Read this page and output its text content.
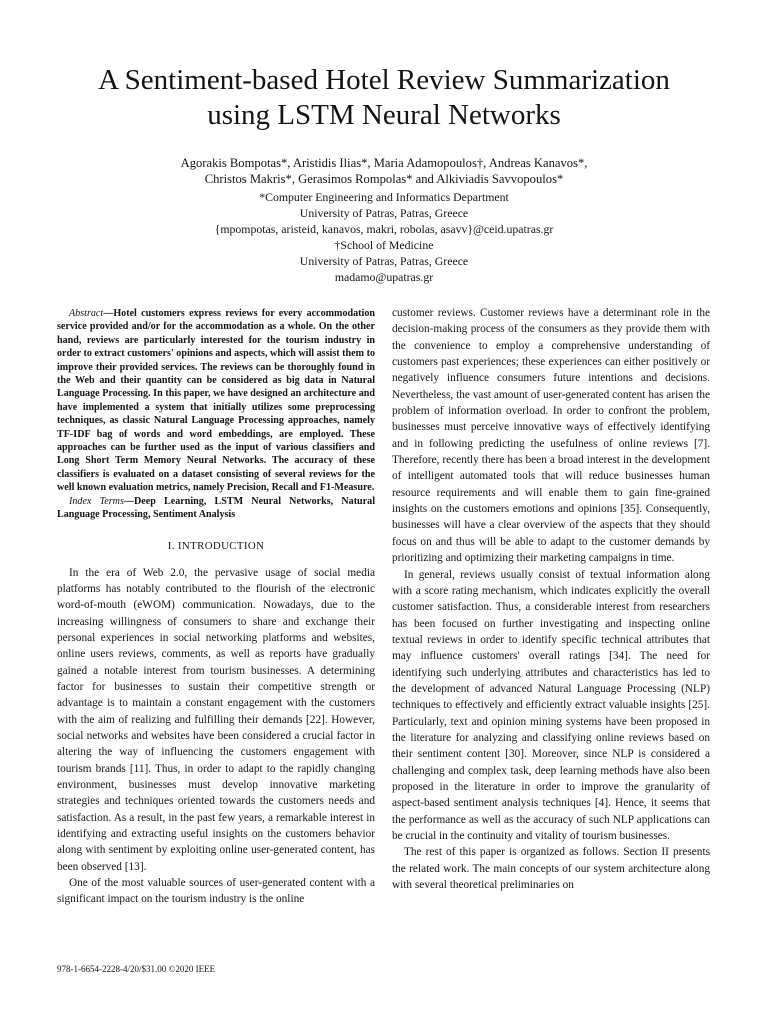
A Sentiment-based Hotel Review Summarization
using LSTM Neural Networks
Agorakis Bompotas*, Aristidis Ilias*, Maria Adamopoulos†, Andreas Kanavos*,
Christos Makris*, Gerasimos Rompolas* and Alkiviadis Savvopoulos*
*Computer Engineering and Informatics Department
University of Patras, Patras, Greece
{mpompotas, aristeid, kanavos, makri, robolas, asavv}@ceid.upatras.gr
†School of Medicine
University of Patras, Patras, Greece
madamo@upatras.gr

Abstract—Hotel customers express reviews for every accommodation service provided and/or for the accommodation as a whole. On the other hand, reviews are particularly interested for the tourism industry in order to extract customers' opinions and aspects, which will assist them to improve their provided services. The reviews can be thoroughly found in the Web and their quantity can be considered as big data in Natural Language Processing. In this paper, we have designed an architecture and have implemented a system that initially utilizes some preprocessing techniques, as classic Natural Language Processing approaches, namely TF-IDF bag of words and word embeddings, are employed. These approaches can be further used as the input of various classifiers and Long Short Term Memory Neural Networks. The accuracy of these classifiers is evaluated on a dataset consisting of several reviews for the well known evaluation metrics, namely Precision, Recall and F1-Measure.

Index Terms—Deep Learning, LSTM Neural Networks, Natural Language Processing, Sentiment Analysis

I. INTRODUCTION

In the era of Web 2.0, the pervasive usage of social media platforms has notably contributed to the flourish of the electronic word-of-mouth (eWOM) communication. Nowadays, due to the increasing willingness of consumers to share and exchange their personal experiences in social networking platforms and websites, online users reviews, comments, as well as reports have gradually gained a notable interest from tourism businesses. A determining factor for businesses to sustain their competitive strength or advantage is to maintain a constant engagement with the customers with the aim of realizing and fulfilling their demands [22]. However, social networks and websites have been considered a crucial factor in altering the way of influencing the customers engagement with tourism brands [11]. Thus, in order to adapt to the rapidly changing environment, businesses must develop innovative marketing strategies and techniques oriented towards the customers needs and satisfaction. As a result, in the past few years, a remarkable interest in identifying and extracting useful insights on the customers behavior along with sentiment by exploiting online user-generated content, has been observed [13].

One of the most valuable sources of user-generated content with a significant impact on the tourism industry is the online

customer reviews. Customer reviews have a determinant role in the decision-making process of the consumers as they provide them with the convenience to employ a comprehensive understanding of customers past experiences; these experiences can either positively or negatively influence consumers future intentions and decisions. Nevertheless, the vast amount of user-generated content has arisen the problem of information overload. In order to confront the problem, businesses must perceive innovative ways of effectively identifying and in following predicting the usefulness of online reviews [7]. Therefore, recently there has been a broad interest in the development of intelligent automated tools that will reduce businesses human resource requirements and will enable them to gain fine-grained insights on the customers emotions and opinions [35]. Consequently, businesses will have a clear overview of the aspects that they should focus on and thus will be able to adapt to the customer demands by prioritizing and optimizing their marketing campaigns in time.

In general, reviews usually consist of textual information along with a score rating mechanism, which indicates explicitly the overall customer satisfaction. Thus, a considerable interest from researchers has been focused on further investigating and inspecting online textual reviews in order to identify specific technical attributes that may influence customers' overall ratings [34]. The need for identifying such underlying attributes and characteristics has led to the development of advanced Natural Language Processing (NLP) techniques to effectively and efficiently extract valuable insights [25]. Particularly, text and opinion mining systems have been proposed in the literature for analyzing and classifying online reviews based on their sentiment content [30]. Moreover, since NLP is considered a challenging and complex task, deep learning methods have also been proposed in the literature in order to improve the granularity of aspect-based sentiment analysis techniques [4]. Hence, it seems that the performance as well as the accuracy of such NLP applications can be crucial in the continuity and vitality of tourism businesses.

The rest of this paper is organized as follows. Section II presents the related work. The main concepts of our system architecture along with several theoretical preliminaries on

978-1-6654-2228-4/20/$31.00 ©2020 IEEE
